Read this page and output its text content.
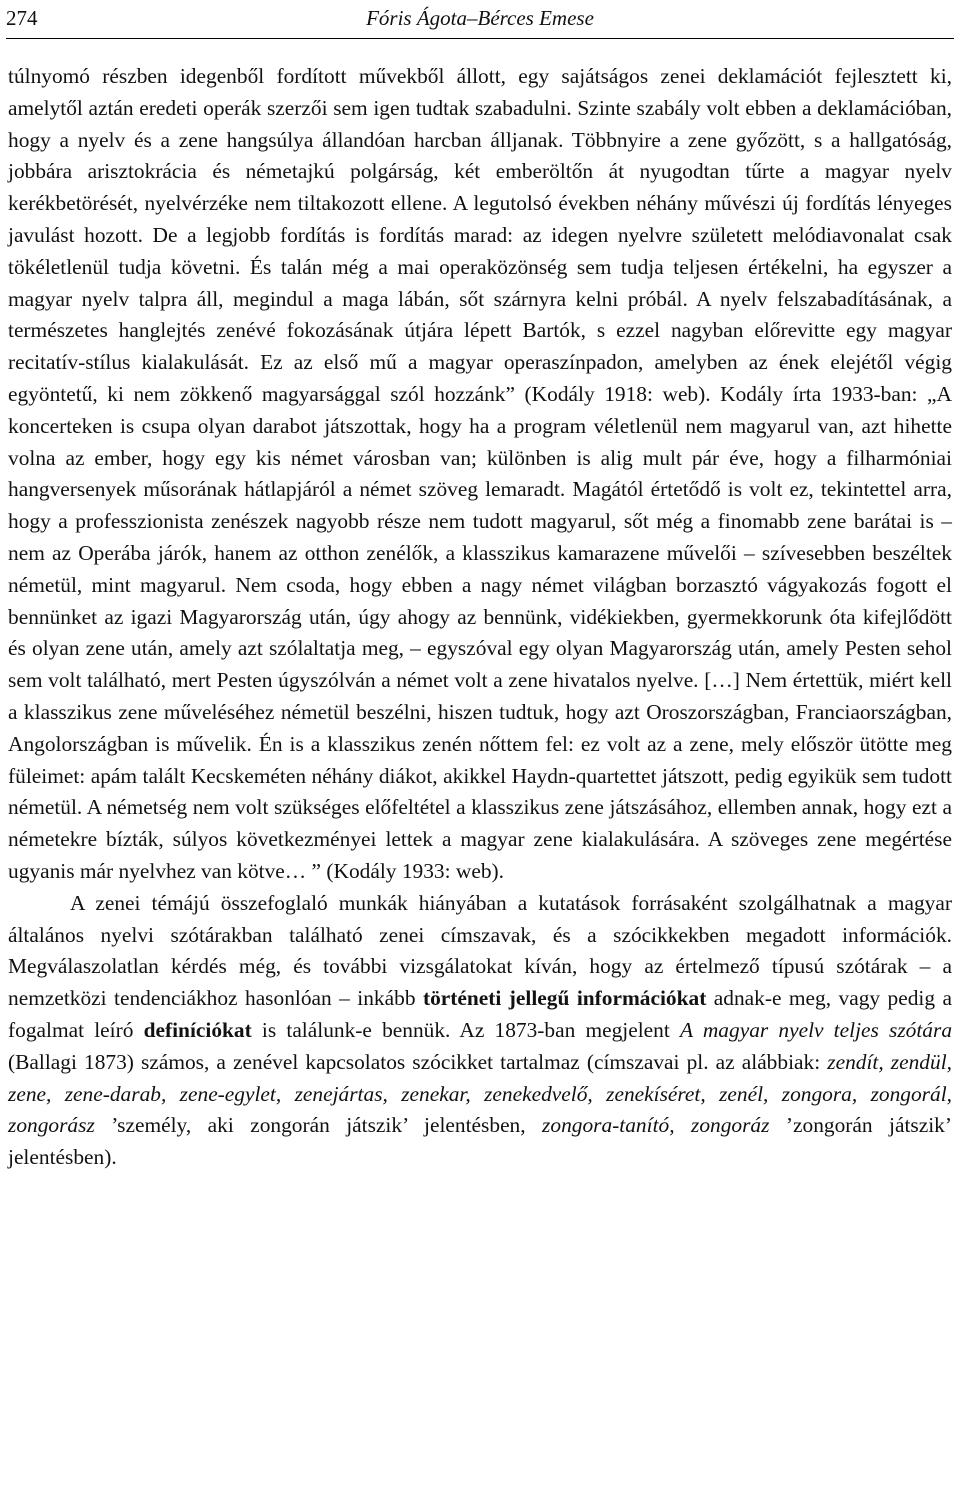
274	Fóris Ágota–Bérces Emese

túlnyomó részben idegenből fordított művekből állott, egy sajátságos zenei deklamációt fejlesztett ki, amelytől aztán eredeti operák szerzői sem igen tudtak szabadulni. Szinte szabály volt ebben a deklamációban, hogy a nyelv és a zene hangsúlya állandóan harcban álljanak. Többnyire a zene győzött, s a hallgatóság, jobbára arisztokrácia és németajkú polgárság, két emberöltőn át nyugodtan tűrte a magyar nyelv kerékbetörését, nyelvérzéke nem tiltakozott ellene. A legutolsó években néhány művészi új fordítás lényeges javulást hozott. De a legjobb fordítás is fordítás marad: az idegen nyelvre született melódiavonalat csak tökéletlenül tudja követni. És talán még a mai operaközönség sem tudja teljesen értékelni, ha egyszer a magyar nyelv talpra áll, megindul a maga lábán, sőt szárnyra kelni próbál. A nyelv felszabadításának, a természetes hanglejtés zenévé fokozásának útjára lépett Bartók, s ezzel nagyban előrevitte egy magyar recitatív-stílus kialakulását. Ez az első mű a magyar operaszínpadon, amelyben az ének elejétől végig egyöntetű, ki nem zökkenő magyarsággal szól hozzánk” (Kodály 1918: web). Kodály írta 1933-ban: „A koncerteken is csupa olyan darabot játszottak, hogy ha a program véletlenül nem magyarul van, azt hihette volna az ember, hogy egy kis német városban van; különben is alig mult pár éve, hogy a filharmóniai hangversenyek műsorának hátlapjáról a német szöveg lemaradt. Magától értetődő is volt ez, tekintettel arra, hogy a professzionista zenészek nagyobb része nem tudott magyarul, sőt még a finomabb zene barátai is – nem az Operába járók, hanem az otthon zenélők, a klasszikus kamarazene művelői – szívesebben beszéltek németül, mint magyarul. Nem csoda, hogy ebben a nagy német világban borzasztó vágyakozás fogott el bennünket az igazi Magyarország után, úgy ahogy az bennünk, vidékiekben, gyermekkorunk óta kifejlődött és olyan zene után, amely azt szólaltatja meg, – egyszóval egy olyan Magyarország után, amely Pesten sehol sem volt található, mert Pesten úgyszólván a német volt a zene hivatalos nyelve. […] Nem értettük, miért kell a klasszikus zene műveléséhez németül beszélni, hiszen tudtuk, hogy azt Oroszországban, Franciaországban, Angolországban is művelik. Én is a klasszikus zenén nőttem fel: ez volt az a zene, mely először ütötte meg füleimet: apám talált Kecskeméten néhány diákot, akikkel Haydn-quartettet játszott, pedig egyikük sem tudott németül. A németség nem volt szükséges előfeltétel a klasszikus zene játszásához, ellemben annak, hogy ezt a németekre bízták, súlyos következményei lettek a magyar zene kialakulására. A szöveges zene megértése ugyanis már nyelvhez van kötve… ” (Kodály 1933: web).

A zenei témájú összefoglaló munkák hiányában a kutatások forrásaként szolgálhatnak a magyar általános nyelvi szótárakban található zenei címszavak, és a szócikkekben megadott információk. Megválaszolatlan kérdés még, és további vizsgálatokat kíván, hogy az értelmező típusú szótárak – a nemzetközi tendenciákhoz hasonlóan – inkább történeti jellegű információkat adnak-e meg, vagy pedig a fogalmat leíró definíciókat is találunk-e bennük. Az 1873-ban megjelent A magyar nyelv teljes szótára (Ballagi 1873) számos, a zenével kapcsolatos szócikket tartalmaz (címszavai pl. az alábbiak: zendít, zendül, zene, zene-darab, zene-egylet, zenejártas, zenekar, zenekedvelő, zenekíséret, zenél, zongora, zongorál, zongorász ’személy, aki zongorán játszik’ jelentésben, zongora-tanító, zongoráz ’zongorán játszik’ jelentésben).
